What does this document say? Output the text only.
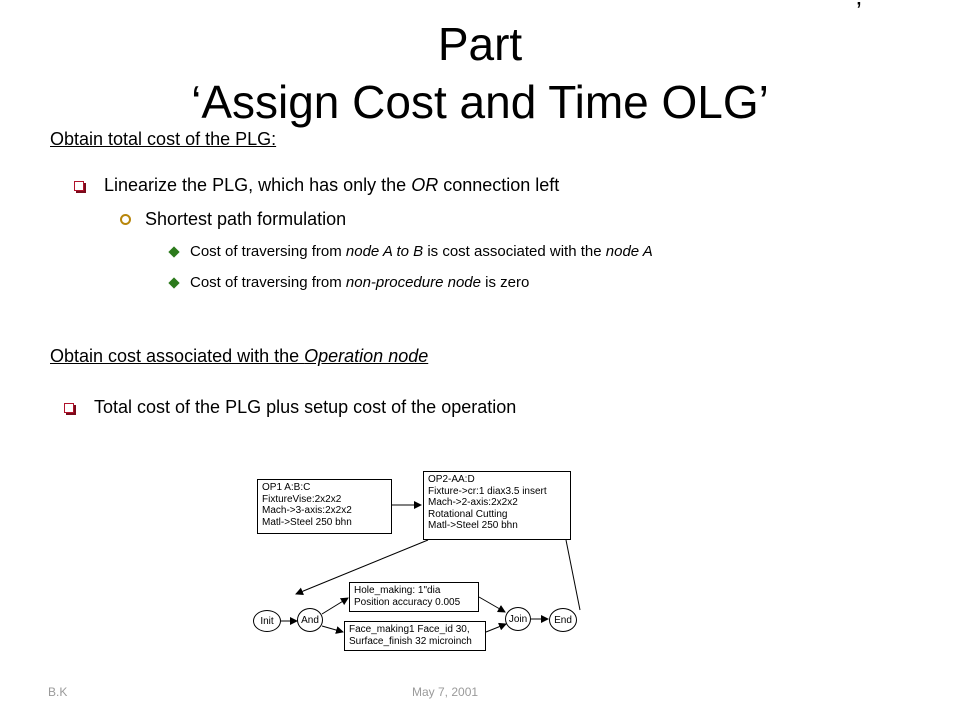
’
Part
‘Assign Cost and Time OLG’
Obtain total cost of the PLG:
Linearize the PLG, which has only the OR connection left
Shortest path formulation
Cost of traversing from node A to B is cost associated with the node A
Cost of traversing from non-procedure node is zero
Obtain cost associated with the Operation node
Total cost of the PLG plus setup cost of the operation
OP1 A:B:C
FixtureVise:2x2x2
Mach->3-axis:2x2x2
Matl->Steel 250 bhn
OP2-AA:D
Fixture->cr:1 diax3.5 insert
Mach->2-axis:2x2x2
Rotational Cutting
Matl->Steel 250 bhn
Hole_making: 1"dia
Position accuracy 0.005
Face_making1 Face_id 30,
Surface_finish 32 microinch
Init	And	Join	End
B.K	May 7, 2001
